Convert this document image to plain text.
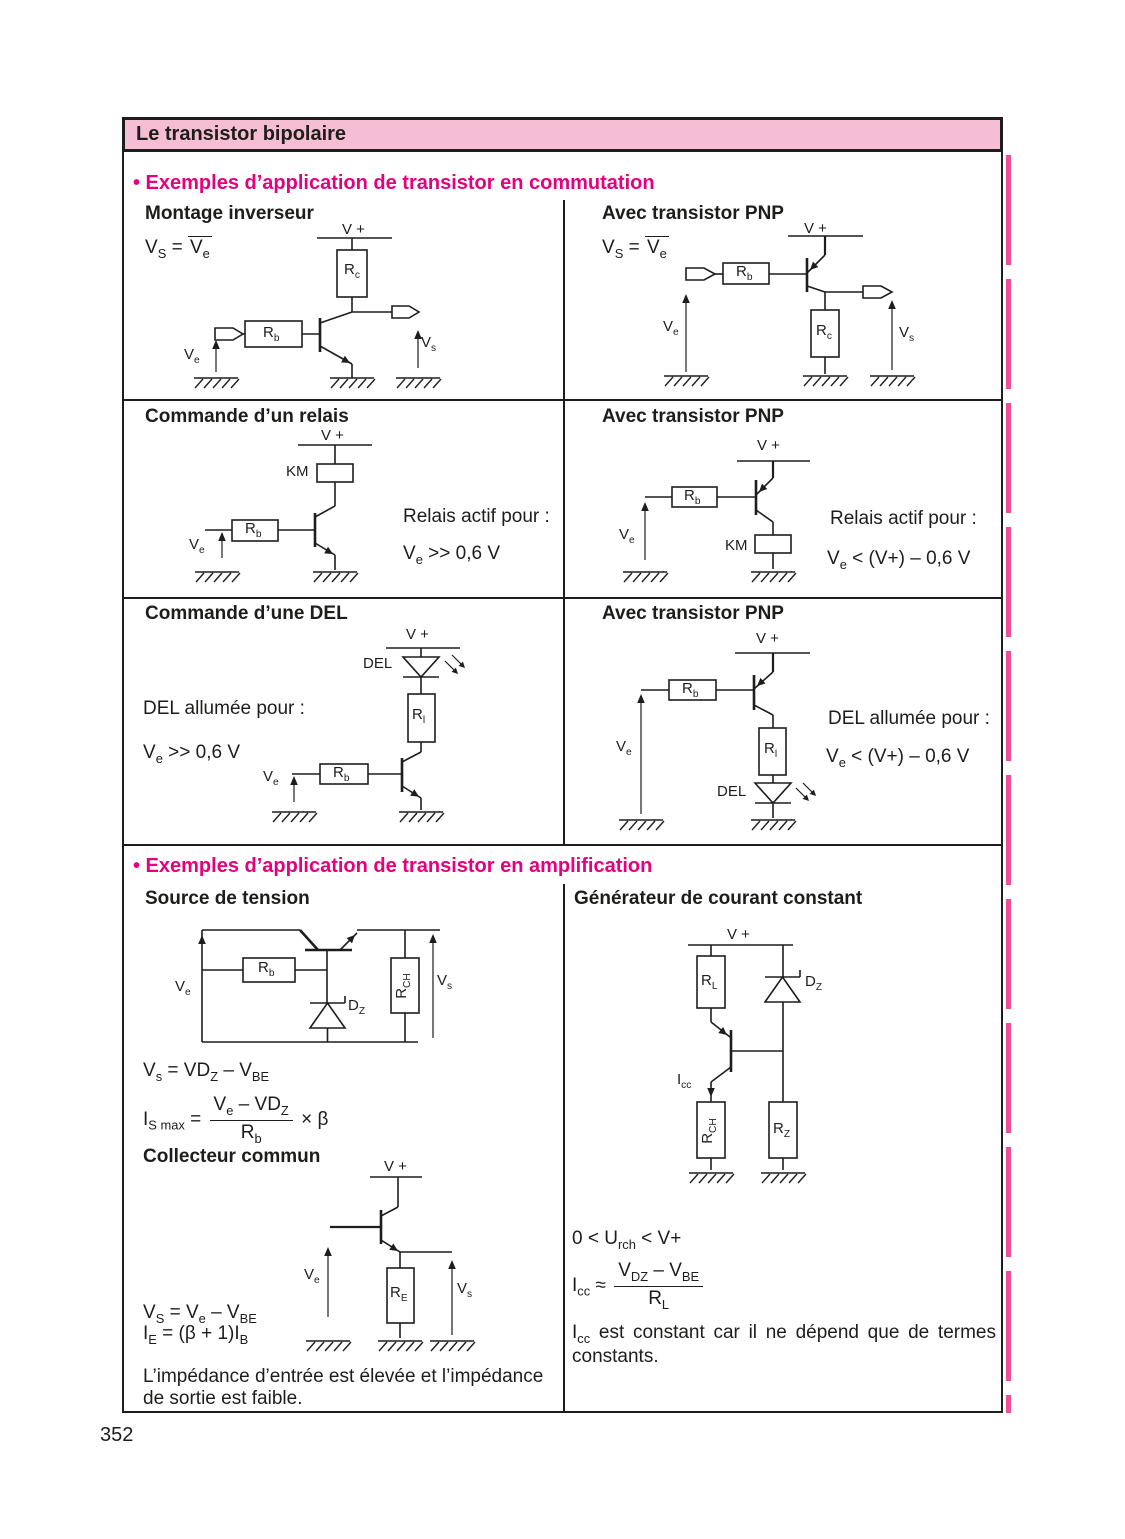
Le transistor bipolaire
• Exemples d’application de transistor en commutation
• Exemples d’application de transistor en amplification
Montage inverseur
$V_S = V_e$
V +
$R_c$
$R_b$
$V_e$
$V_s$
Avec transistor PNP
$V_S = V_e$
V +
$R_b$
$R_c$
$V_e$	$V_s$
Commande d’un relais
V +
KM
$R_b$
$V_e$
Relais actif pour :
$V_e >> 0,6$ V
Avec transistor PNP
V +
$R_b$
$V_e$	KM
Relais actif pour :
$V_e < (V+) - 0,6$ V
Commande d’une DEL
V +
DEL
$R_l$
$R_b$
$V_e$
DEL allumée pour :
$V_e >> 0,6$ V
Avec transistor PNP
V +
$R_b$
$V_e$	$R_l$
DEL
DEL allumée pour :
$V_e < (V+) - 0,6$ V
Source de tension
$V_e$
$R_b$
$D_Z$
$R_{CH}$ $V_s$
$V_s = VD_Z - V_{BE}$
$I_{S max} = \frac{V_e - VD_Z}{R_b} \times \beta$
Collecteur commun	V +
$V_e$
$R_E$
$V_s$
$V_S = V_e - V_{BE}$
$I_E = (\beta + 1)I_B$
L’impédance d’entrée est élevée et l’impédance de sortie est faible.
Générateur de courant constant
V +
$R_L$	$D_Z$
$I_{cc}$
$R_{CH}$	$R_Z$
$0 < U_{rch} < V+$
$I_{cc} \approx \frac{V_{DZ} - V_{BE}}{R_L}$
$I_{cc}$ est constant car il ne dépend que de termes constants.
352
